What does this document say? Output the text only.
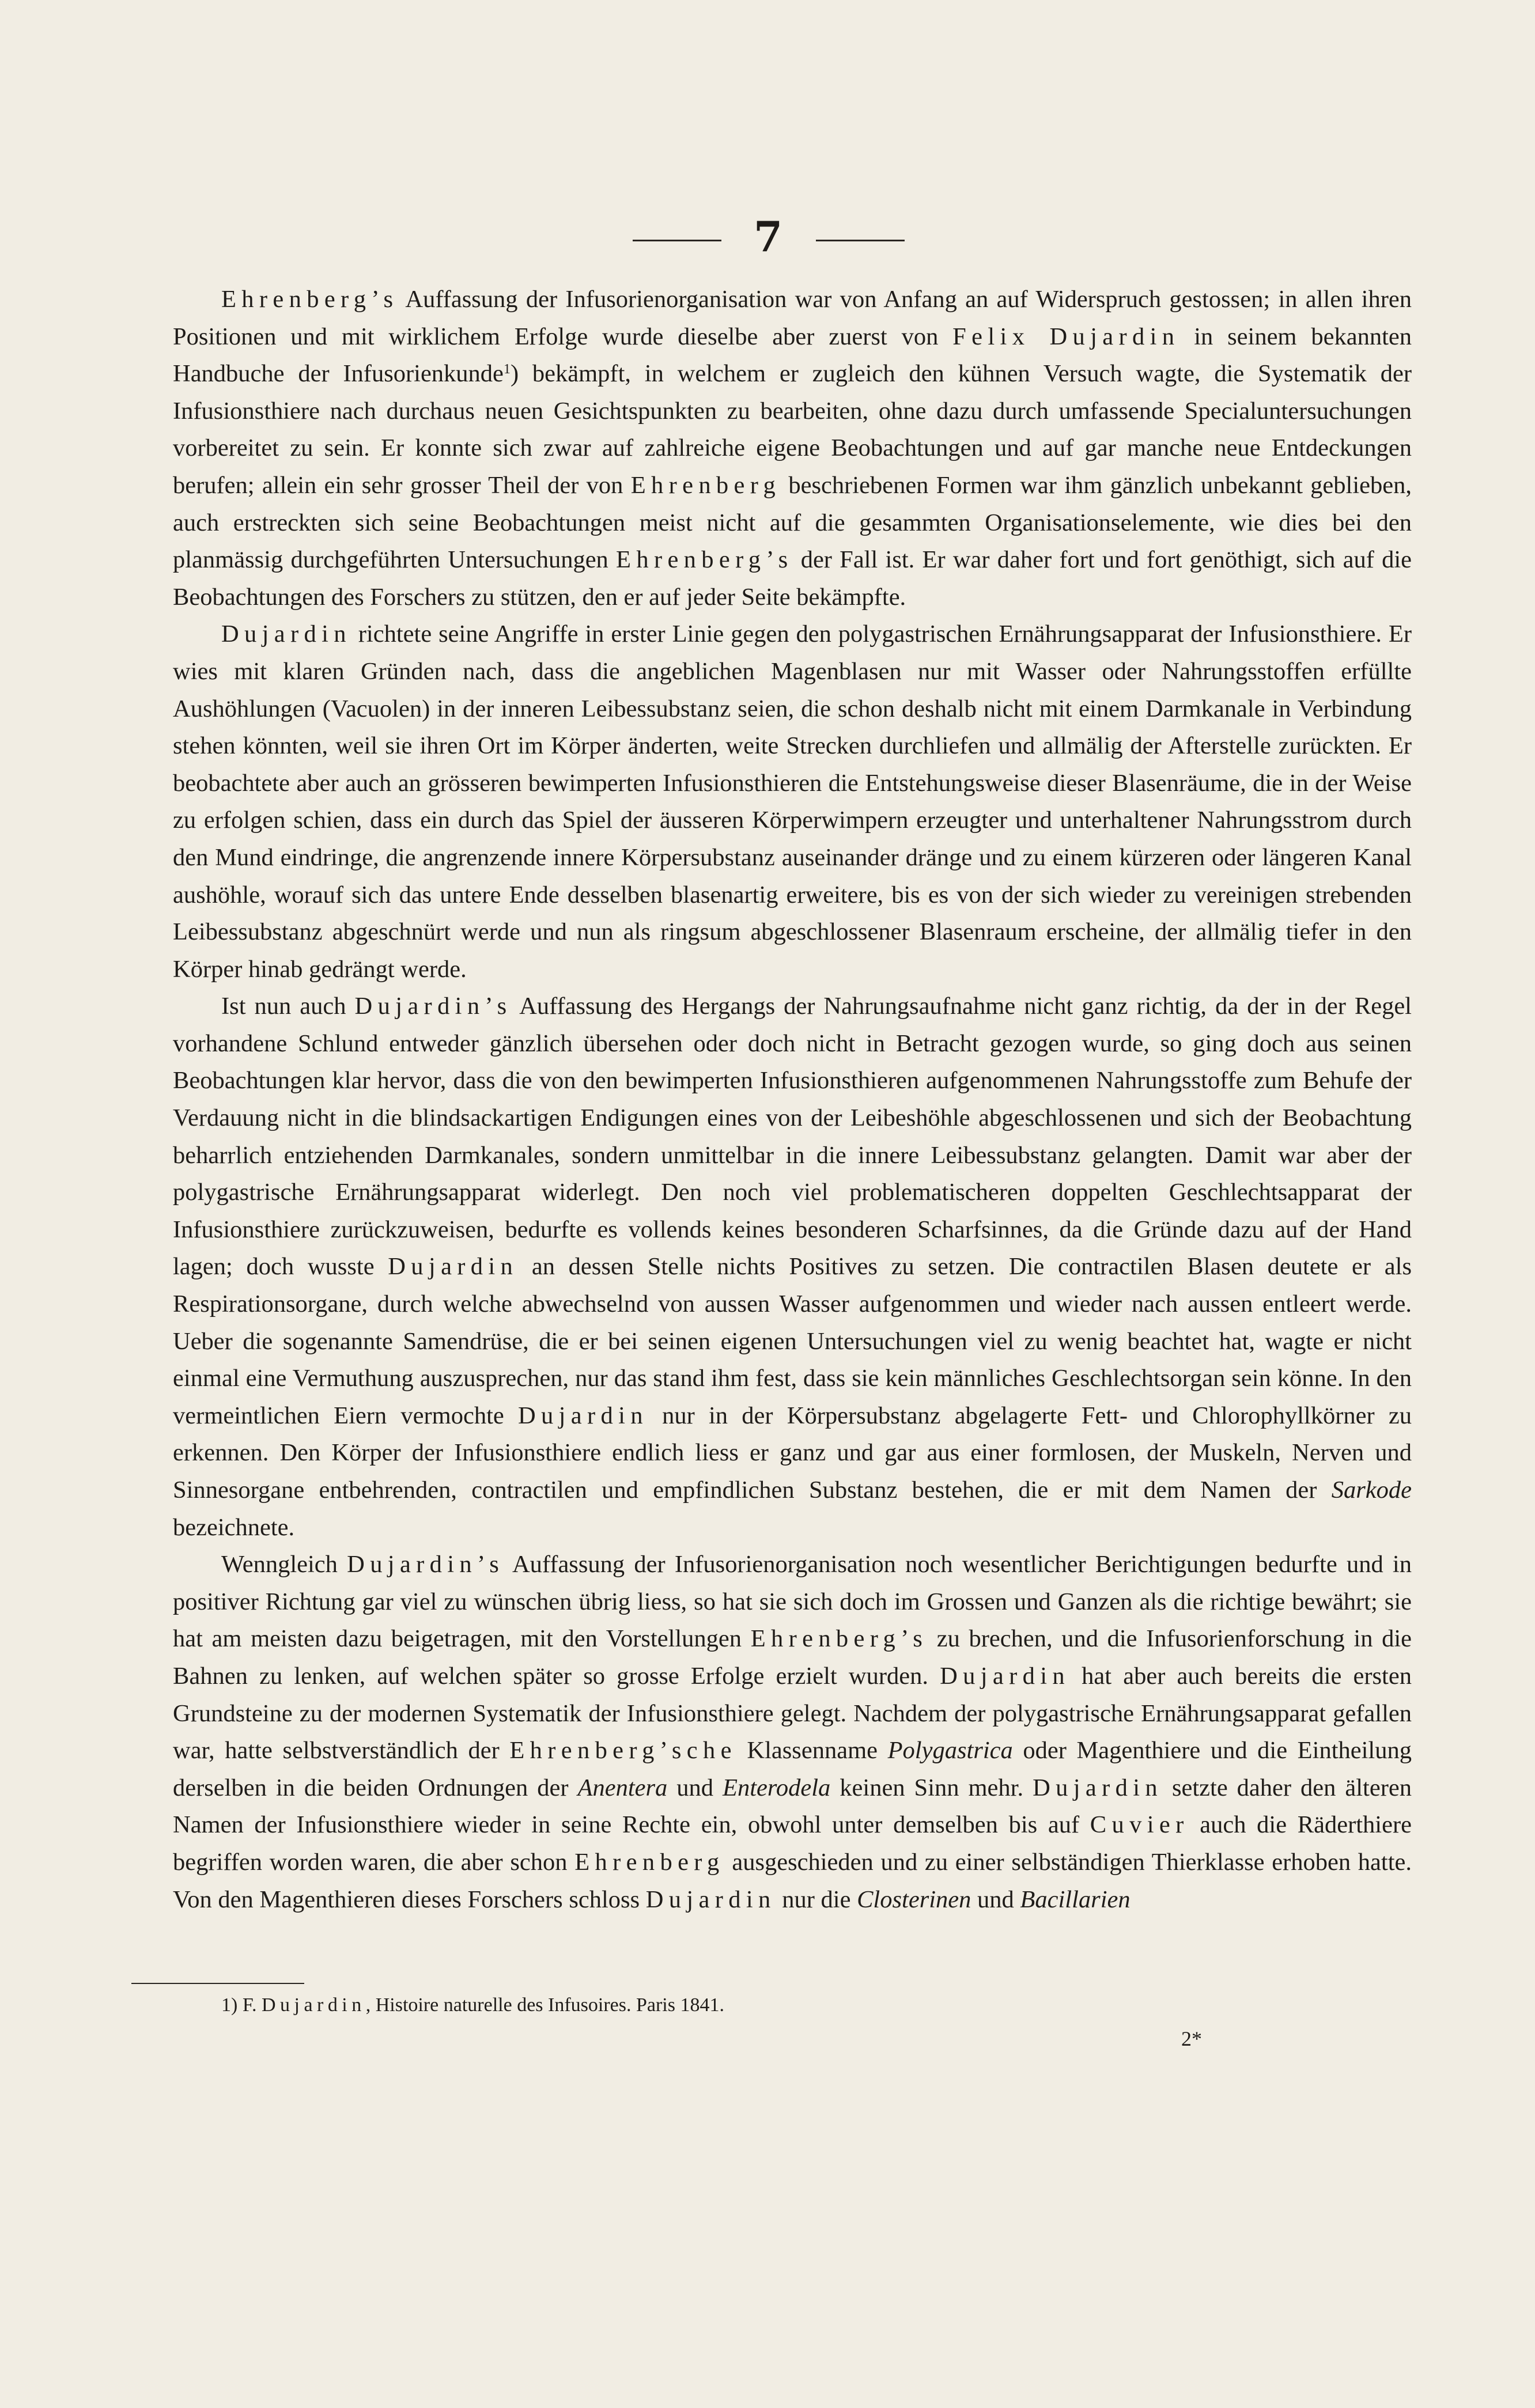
7

Ehrenberg’s Auffassung der Infusorienorganisation war von Anfang an auf Widerspruch gestossen; in allen ihren Positionen und mit wirklichem Erfolge wurde dieselbe aber zuerst von Felix Dujardin in seinem bekannten Handbuche der Infusorienkunde$^1$) bekämpft, in welchem er zugleich den kühnen Versuch wagte, die Systematik der Infusionsthiere nach durchaus neuen Gesichtspunkten zu bearbeiten, ohne dazu durch umfassende Specialuntersuchungen vorbereitet zu sein. Er konnte sich zwar auf zahlreiche eigene Beobachtungen und auf gar manche neue Entdeckungen berufen; allein ein sehr grosser Theil der von Ehrenberg beschriebenen Formen war ihm gänzlich unbekannt geblieben, auch erstreckten sich seine Beobachtungen meist nicht auf die gesammten Organisationselemente, wie dies bei den planmässig durchgeführten Untersuchungen Ehrenberg’s der Fall ist. Er war daher fort und fort genöthigt, sich auf die Beobachtungen des Forschers zu stützen, den er auf jeder Seite bekämpfte.

Dujardin richtete seine Angriffe in erster Linie gegen den polygastrischen Ernährungsapparat der Infusionsthiere. Er wies mit klaren Gründen nach, dass die angeblichen Magenblasen nur mit Wasser oder Nahrungsstoffen erfüllte Aushöhlungen (Vacuolen) in der inneren Leibessubstanz seien, die schon deshalb nicht mit einem Darmkanale in Verbindung stehen könnten, weil sie ihren Ort im Körper änderten, weite Strecken durchliefen und allmälig der Afterstelle zurückten. Er beobachtete aber auch an grösseren bewimperten Infusionsthieren die Entstehungsweise dieser Blasenräume, die in der Weise zu erfolgen schien, dass ein durch das Spiel der äusseren Körperwimpern erzeugter und unterhaltener Nahrungsstrom durch den Mund eindringe, die angrenzende innere Körpersubstanz auseinander dränge und zu einem kürzeren oder längeren Kanal aushöhle, worauf sich das untere Ende desselben blasenartig erweitere, bis es von der sich wieder zu vereinigen strebenden Leibessubstanz abgeschnürt werde und nun als ringsum abgeschlossener Blasenraum erscheine, der allmälig tiefer in den Körper hinab gedrängt werde.

Ist nun auch Dujardin’s Auffassung des Hergangs der Nahrungsaufnahme nicht ganz richtig, da der in der Regel vorhandene Schlund entweder gänzlich übersehen oder doch nicht in Betracht gezogen wurde, so ging doch aus seinen Beobachtungen klar hervor, dass die von den bewimperten Infusionsthieren aufgenommenen Nahrungsstoffe zum Behufe der Verdauung nicht in die blindsackartigen Endigungen eines von der Leibeshöhle abgeschlossenen und sich der Beobachtung beharrlich entziehenden Darmkanales, sondern unmittelbar in die innere Leibessubstanz gelangten. Damit war aber der polygastrische Ernährungsapparat widerlegt. Den noch viel problematischeren doppelten Geschlechtsapparat der Infusionsthiere zurückzuweisen, bedurfte es vollends keines besonderen Scharfsinnes, da die Gründe dazu auf der Hand lagen; doch wusste Dujardin an dessen Stelle nichts Positives zu setzen. Die contractilen Blasen deutete er als Respirationsorgane, durch welche abwechselnd von aussen Wasser aufgenommen und wieder nach aussen entleert werde. Ueber die sogenannte Samendrüse, die er bei seinen eigenen Untersuchungen viel zu wenig beachtet hat, wagte er nicht einmal eine Vermuthung auszusprechen, nur das stand ihm fest, dass sie kein männliches Geschlechtsorgan sein könne. In den vermeintlichen Eiern vermochte Dujardin nur in der Körpersubstanz abgelagerte Fett- und Chlorophyllkörner zu erkennen. Den Körper der Infusionsthiere endlich liess er ganz und gar aus einer formlosen, der Muskeln, Nerven und Sinnesorgane entbehrenden, contractilen und empfindlichen Substanz bestehen, die er mit dem Namen der Sarkode bezeichnete.

Wenngleich Dujardin’s Auffassung der Infusorienorganisation noch wesentlicher Berichtigungen bedurfte und in positiver Richtung gar viel zu wünschen übrig liess, so hat sie sich doch im Grossen und Ganzen als die richtige bewährt; sie hat am meisten dazu beigetragen, mit den Vorstellungen Ehrenberg’s zu brechen, und die Infusorienforschung in die Bahnen zu lenken, auf welchen später so grosse Erfolge erzielt wurden. Dujardin hat aber auch bereits die ersten Grundsteine zu der modernen Systematik der Infusionsthiere gelegt. Nachdem der polygastrische Ernährungsapparat gefallen war, hatte selbstverständlich der Ehrenberg’sche Klassenname Polygastrica oder Magenthiere und die Eintheilung derselben in die beiden Ordnungen der Anentera und Enterodela keinen Sinn mehr. Dujardin setzte daher den älteren Namen der Infusionsthiere wieder in seine Rechte ein, obwohl unter demselben bis auf Cuvier auch die Räderthiere begriffen worden waren, die aber schon Ehrenberg ausgeschieden und zu einer selbständigen Thierklasse erhoben hatte. Von den Magenthieren dieses Forschers schloss Dujardin nur die Closterinen und Bacillarien

1) F. Dujardin, Histoire naturelle des Infusoires. Paris 1841.
2*
